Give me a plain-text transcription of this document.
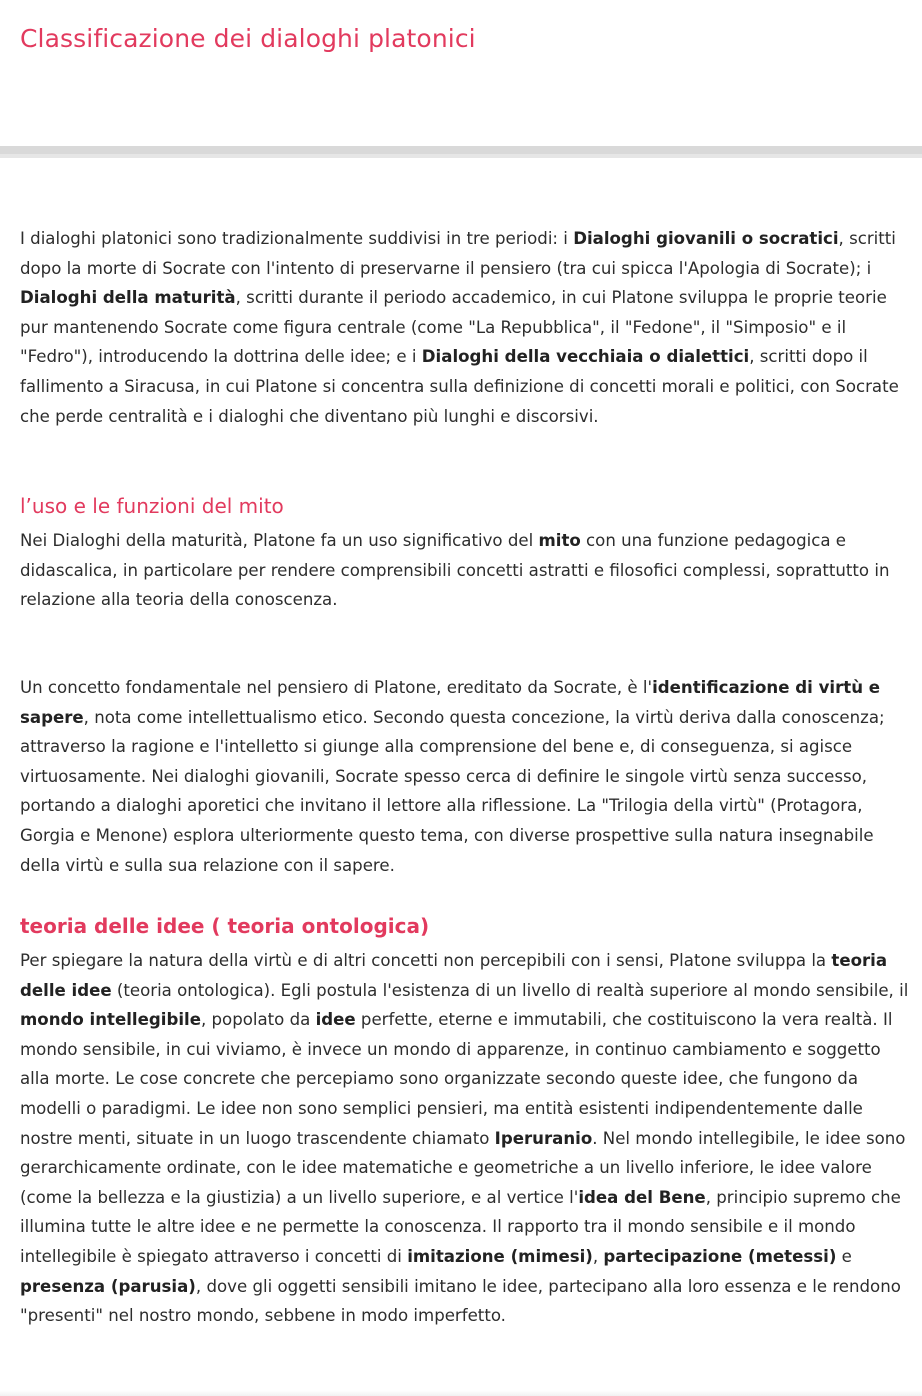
Classificazione dei dialoghi platonici

I dialoghi platonici sono tradizionalmente suddivisi in tre periodi: i Dialoghi giovanili o socratici, scritti dopo la morte di Socrate con l'intento di preservarne il pensiero (tra cui spicca l'Apologia di Socrate); i Dialoghi della maturità, scritti durante il periodo accademico, in cui Platone sviluppa le proprie teorie pur mantenendo Socrate come figura centrale (come "La Repubblica", il "Fedone", il "Simposio" e il "Fedro"), introducendo la dottrina delle idee; e i Dialoghi della vecchiaia o dialettici, scritti dopo il fallimento a Siracusa, in cui Platone si concentra sulla definizione di concetti morali e politici, con Socrate che perde centralità e i dialoghi che diventano più lunghi e discorsivi.

l’uso e le funzioni del mito

Nei Dialoghi della maturità, Platone fa un uso significativo del mito con una funzione pedagogica e didascalica, in particolare per rendere comprensibili concetti astratti e filosofici complessi, soprattutto in relazione alla teoria della conoscenza.

Un concetto fondamentale nel pensiero di Platone, ereditato da Socrate, è l'identificazione di virtù e sapere, nota come intellettualismo etico. Secondo questa concezione, la virtù deriva dalla conoscenza; attraverso la ragione e l'intelletto si giunge alla comprensione del bene e, di conseguenza, si agisce virtuosamente. Nei dialoghi giovanili, Socrate spesso cerca di definire le singole virtù senza successo, portando a dialoghi aporetici che invitano il lettore alla riflessione. La "Trilogia della virtù" (Protagora, Gorgia e Menone) esplora ulteriormente questo tema, con diverse prospettive sulla natura insegnabile della virtù e sulla sua relazione con il sapere.

teoria delle idee ( teoria ontologica)

Per spiegare la natura della virtù e di altri concetti non percepibili con i sensi, Platone sviluppa la teoria delle idee (teoria ontologica). Egli postula l'esistenza di un livello di realtà superiore al mondo sensibile, il mondo intellegibile, popolato da idee perfette, eterne e immutabili, che costituiscono la vera realtà. Il mondo sensibile, in cui viviamo, è invece un mondo di apparenze, in continuo cambiamento e soggetto alla morte. Le cose concrete che percepiamo sono organizzate secondo queste idee, che fungono da modelli o paradigmi. Le idee non sono semplici pensieri, ma entità esistenti indipendentemente dalle nostre menti, situate in un luogo trascendente chiamato Iperuranio. Nel mondo intellegibile, le idee sono gerarchicamente ordinate, con le idee matematiche e geometriche a un livello inferiore, le idee valore (come la bellezza e la giustizia) a un livello superiore, e al vertice l'idea del Bene, principio supremo che illumina tutte le altre idee e ne permette la conoscenza. Il rapporto tra il mondo sensibile e il mondo intellegibile è spiegato attraverso i concetti di imitazione (mimesi), partecipazione (metessi) e presenza (parusia), dove gli oggetti sensibili imitano le idee, partecipano alla loro essenza e le rendono "presenti" nel nostro mondo, sebbene in modo imperfetto.
